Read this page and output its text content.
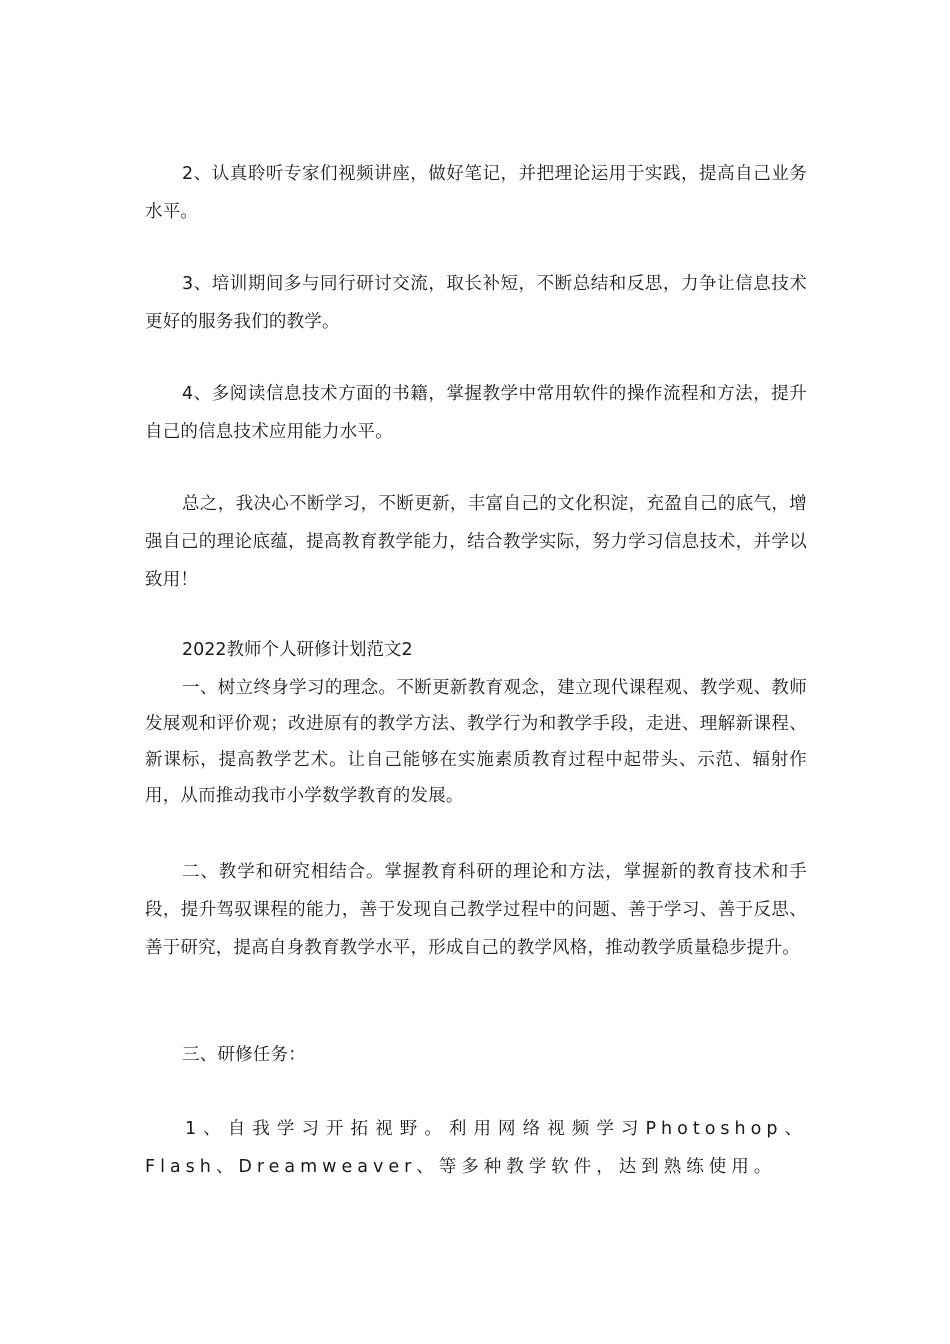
2、认真聆听专家们视频讲座，做好笔记，并把理论运用于实践，提高自己业务水平。

3、培训期间多与同行研讨交流，取长补短，不断总结和反思，力争让信息技术更好的服务我们的教学。

4、多阅读信息技术方面的书籍，掌握教学中常用软件的操作流程和方法，提升自己的信息技术应用能力水平。

总之，我决心不断学习，不断更新，丰富自己的文化积淀，充盈自己的底气，增强自己的理论底蕴，提高教育教学能力，结合教学实际，努力学习信息技术，并学以致用！

2022教师个人研修计划范文2

一、树立终身学习的理念。不断更新教育观念，建立现代课程观、教学观、教师发展观和评价观；改进原有的教学方法、教学行为和教学手段，走进、理解新课程、新课标，提高教学艺术。让自己能够在实施素质教育过程中起带头、示范、辐射作用，从而推动我市小学数学教育的发展。

二、教学和研究相结合。掌握教育科研的理论和方法，掌握新的教育技术和手段，提升驾驭课程的能力，善于发现自己教学过程中的问题、善于学习、善于反思、善于研究，提高自身教育教学水平，形成自己的教学风格，推动教学质量稳步提升。

三、研修任务：

1、自我学习开拓视野。利用网络视频学习Photoshop、Flash、Dreamweaver、等多种教学软件，达到熟练使用。
